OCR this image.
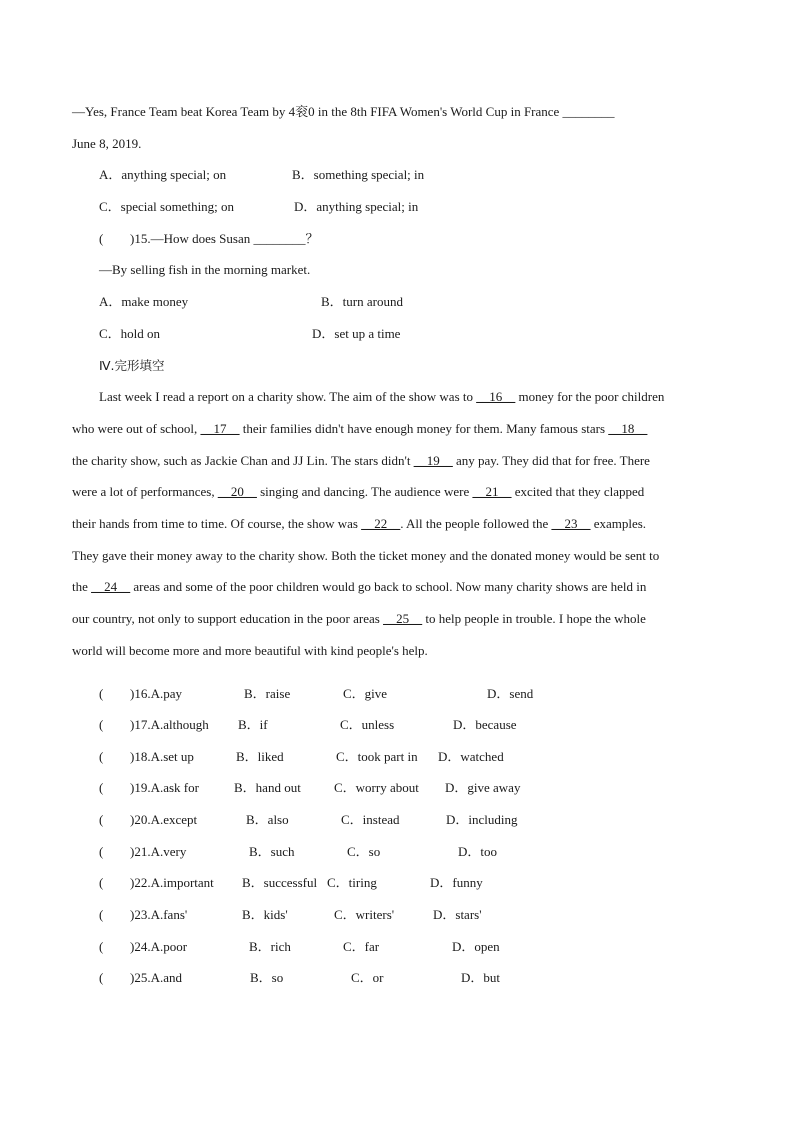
—Yes, France Team beat Korea Team by 4衮0 in the 8th FIFA Women's World Cup in France ________
June 8, 2019.
A．anything special; on	B．something special; in
C．special something; on	D．anything special; in
( )15.—How does Susan ________？
—By selling fish in the morning market.
A．make money	B．turn around
C．hold on	D．set up a time
Ⅳ.完形填空
Last week I read a report on a charity show. The aim of the show was to __16__ money for the poor children
who were out of school, __17__ their families didn't have enough money for them. Many famous stars __18__
the charity show, such as Jackie Chan and JJ Lin. The stars didn't __19__ any pay. They did that for free. There
were a lot of performances, __20__ singing and dancing. The audience were __21__ excited that they clapped
their hands from time to time. Of course, the show was __22__. All the people followed the __23__ examples.
They gave their money away to the charity show. Both the ticket money and the donated money would be sent to
the __24__ areas and some of the poor children would go back to school. Now many charity shows are held in
our country, not only to support education in the poor areas __25__ to help people in trouble. I hope the whole
world will become more and more beautiful with kind people's help.
( )16.A.pay	B．raise	C．give	D．send
( )17.A.although B．if	C．unless	D．because
( )18.A.set up	B．liked	C．took part in D．watched
( )19.A.ask for	B．hand out	C．worry about D．give away
( )20.A.except	B．also	C．instead	D．including
( )21.A.very	B．such	C．so	D．too
( )22.A.important B．successful C．tiring	D．funny
( )23.A.fans'	B．kids'	C．writers'	D．stars'
( )24.A.poor	B．rich	C．far	D．open
( )25.A.and	B．so	C．or	D．but
